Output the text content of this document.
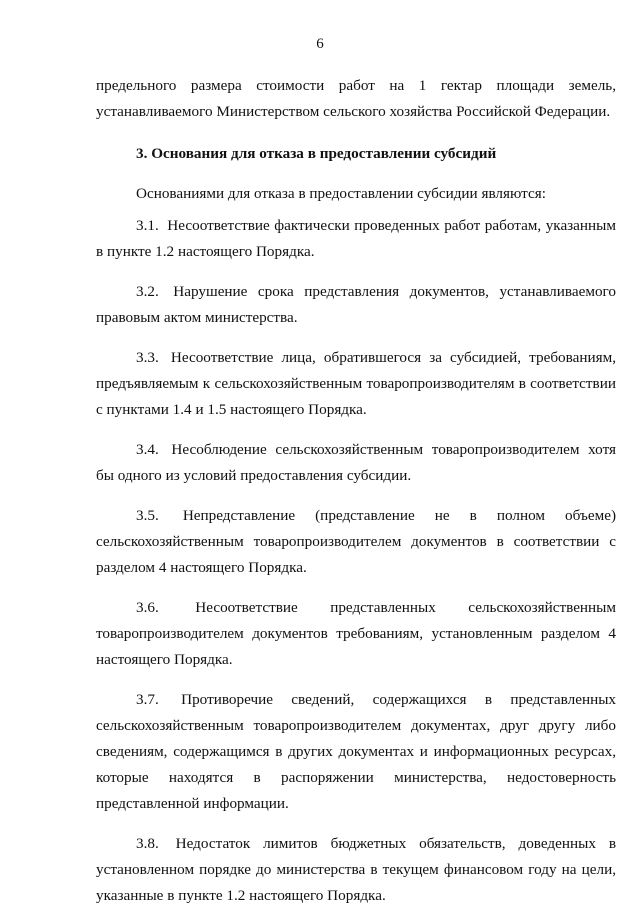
6

предельного размера стоимости работ на 1 гектар площади земель, устанавливаемого Министерством сельского хозяйства Российской Федерации.

3. Основания для отказа в предоставлении субсидий

Основаниями для отказа в предоставлении субсидии являются:

3.1. Несоответствие фактически проведенных работ работам, указанным в пункте 1.2 настоящего Порядка.

3.2. Нарушение срока представления документов, устанавливаемого правовым актом министерства.

3.3. Несоответствие лица, обратившегося за субсидией, требованиям, предъявляемым к сельскохозяйственным товаропроизводителям в соответствии с пунктами 1.4 и 1.5 настоящего Порядка.

3.4. Несоблюдение сельскохозяйственным товаропроизводителем хотя бы одного из условий предоставления субсидии.

3.5. Непредставление (представление не в полном объеме) сельскохозяйственным товаропроизводителем документов в соответствии с разделом 4 настоящего Порядка.

3.6. Несоответствие представленных сельскохозяйственным товаропроизводителем документов требованиям, установленным разделом 4 настоящего Порядка.

3.7. Противоречие сведений, содержащихся в представленных сельскохозяйственным товаропроизводителем документах, друг другу либо сведениям, содержащимся в других документах и информационных ресурсах, которые находятся в распоряжении министерства, недостоверность представленной информации.

3.8. Недостаток лимитов бюджетных обязательств, доведенных в установленном порядке до министерства в текущем финансовом году на цели, указанные в пункте 1.2 настоящего Порядка.
